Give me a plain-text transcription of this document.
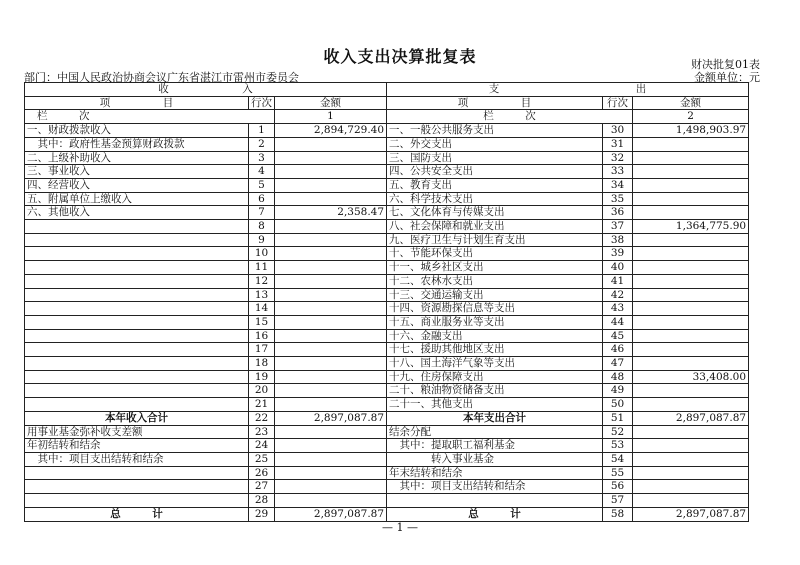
收入支出决算批复表	财决批复01表
部门：中国人民政治协商会议广东省湛江市雷州市委员会	金额单位：元
收　　　　　　　入			支　　　　　　　　　　　　　出		
项　　　　　目	行次	金额	项　　　　　目	行次	金额
栏　　　次		1	栏　　　次		2
一、财政拨款收入	1	2,894,729.40	一、一般公共服务支出	30	1,498,903.97
　其中：政府性基金预算财政拨款	2		二、外交支出	31	
二、上级补助收入	3		三、国防支出	32	
三、事业收入	4		四、公共安全支出	33	
四、经营收入	5		五、教育支出	34	
五、附属单位上缴收入	6		六、科学技术支出	35	
六、其他收入	7	2,358.47	七、文化体育与传媒支出	36	
	8		八、社会保障和就业支出	37	1,364,775.90
	9		九、医疗卫生与计划生育支出	38	
	10		十、节能环保支出	39	
	11		十一、城乡社区支出	40	
	12		十二、农林水支出	41	
	13		十三、交通运输支出	42	
	14		十四、资源勘探信息等支出	43	
	15		十五、商业服务业等支出	44	
	16		十六、金融支出	45	
	17		十七、援助其他地区支出	46	
	18		十八、国土海洋气象等支出	47	
	19		十九、住房保障支出	48	33,408.00
	20		二十、粮油物资储备支出	49	
	21		二十一、其他支出	50	
本年收入合计	22	2,897,087.87	本年支出合计	51	2,897,087.87
用事业基金弥补收支差额	23		结余分配	52	
年初结转和结余	24		　其中：提取职工福利基金	53	
　其中：项目支出结转和结余	25		　　　　转入事业基金	54	
	26		年末结转和结余	55	
	27		　其中：项目支出结转和结余	56	
	28			57	
总　　　计	29	2,897,087.87	总　　　计	58	2,897,087.87
— 1 —
